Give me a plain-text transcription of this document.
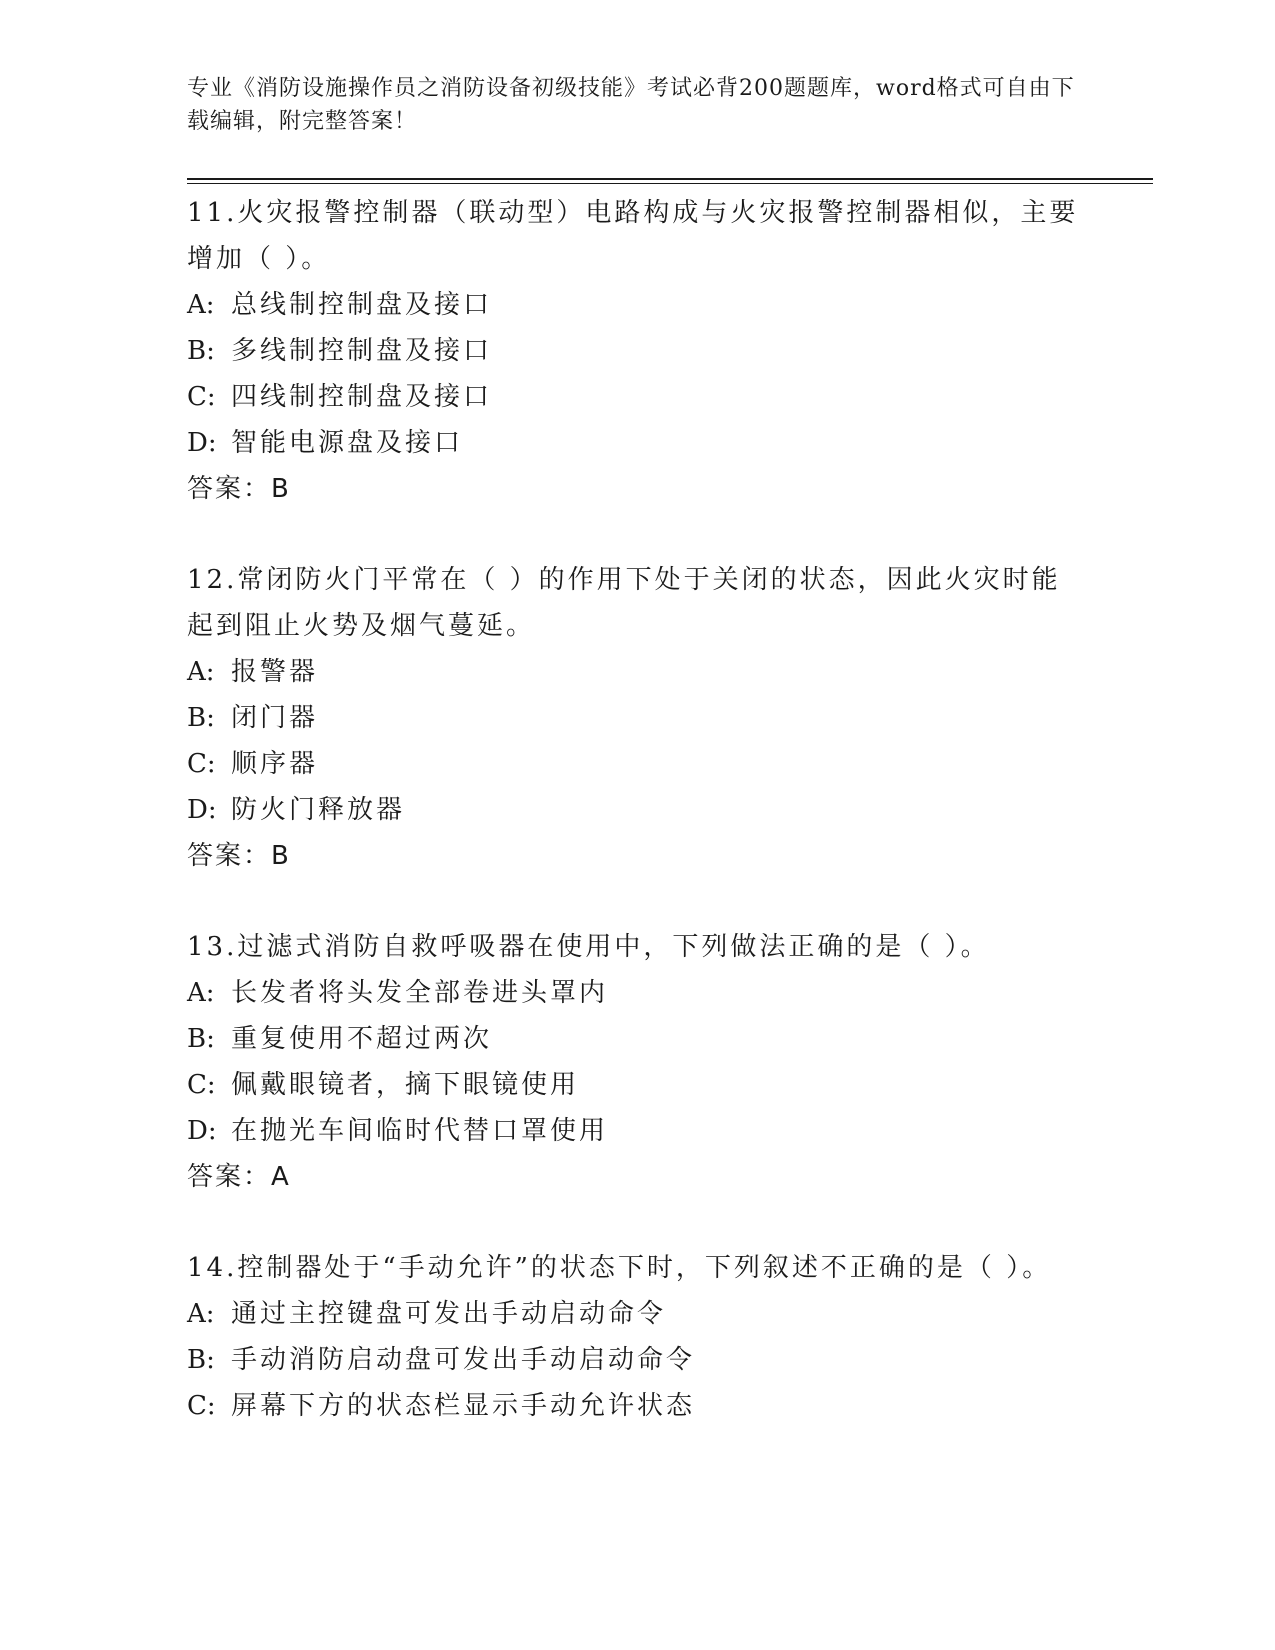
专业《消防设施操作员之消防设备初级技能》考试必背200题题库，word格式可自由下载编辑，附完整答案！
11.火灾报警控制器（联动型）电路构成与火灾报警控制器相似，主要增加（ ）。
A: 总线制控制盘及接口
B: 多线制控制盘及接口
C: 四线制控制盘及接口
D: 智能电源盘及接口
答案：B
12.常闭防火门平常在（ ）的作用下处于关闭的状态，因此火灾时能起到阻止火势及烟气蔓延。
A: 报警器
B: 闭门器
C: 顺序器
D: 防火门释放器
答案：B
13.过滤式消防自救呼吸器在使用中，下列做法正确的是（ ）。
A: 长发者将头发全部卷进头罩内
B: 重复使用不超过两次
C: 佩戴眼镜者，摘下眼镜使用
D: 在抛光车间临时代替口罩使用
答案：A
14.控制器处于“手动允许”的状态下时，下列叙述不正确的是（ ）。
A: 通过主控键盘可发出手动启动命令
B: 手动消防启动盘可发出手动启动命令
C: 屏幕下方的状态栏显示手动允许状态
